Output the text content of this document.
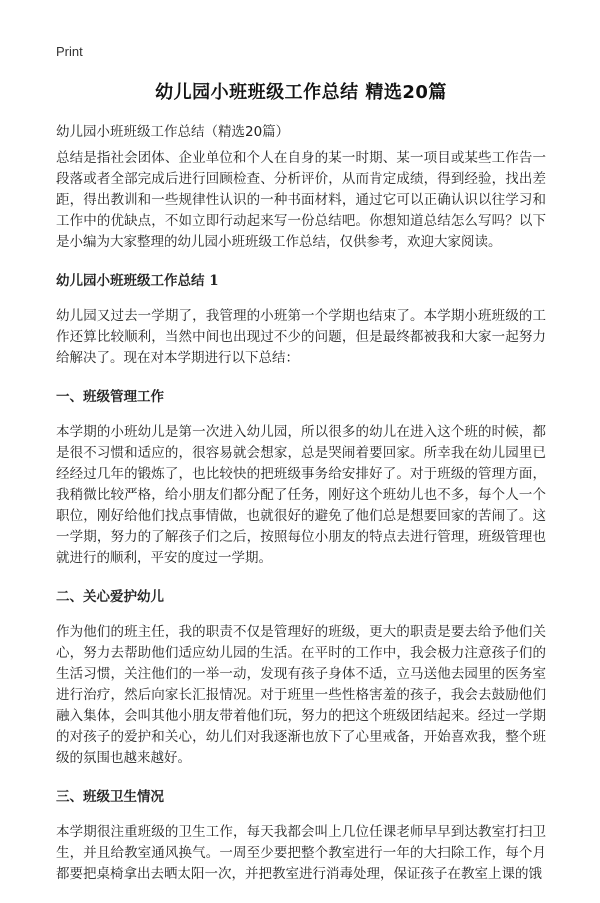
Print
幼儿园小班班级工作总结 精选20篇

幼儿园小班班级工作总结（精选20篇）

总结是指社会团体、企业单位和个人在自身的某一时期、某一项目或某些工作告一段落或者全部完成后进行回顾检查、分析评价，从而肯定成绩，得到经验，找出差距，得出教训和一些规律性认识的一种书面材料，通过它可以正确认识以往学习和工作中的优缺点，不如立即行动起来写一份总结吧。你想知道总结怎么写吗？以下是小编为大家整理的幼儿园小班班级工作总结，仅供参考，欢迎大家阅读。

幼儿园小班班级工作总结 1

幼儿园又过去一学期了，我管理的小班第一个学期也结束了。本学期小班班级的工作还算比较顺利，当然中间也出现过不少的问题，但是最终都被我和大家一起努力给解决了。现在对本学期进行以下总结：

一、班级管理工作

本学期的小班幼儿是第一次进入幼儿园，所以很多的幼儿在进入这个班的时候，都是很不习惯和适应的，很容易就会想家，总是哭闹着要回家。所幸我在幼儿园里已经经过几年的锻炼了，也比较快的把班级事务给安排好了。对于班级的管理方面，我稍微比较严格，给小朋友们都分配了任务，刚好这个班幼儿也不多，每个人一个职位，刚好给他们找点事情做，也就很好的避免了他们总是想要回家的苦闹了。这一学期，努力的了解孩子们之后，按照每位小朋友的特点去进行管理，班级管理也就进行的顺利，平安的度过一学期。

二、关心爱护幼儿

作为他们的班主任，我的职责不仅是管理好的班级，更大的职责是要去给予他们关心，努力去帮助他们适应幼儿园的生活。在平时的工作中，我会极力注意孩子们的生活习惯，关注他们的一举一动，发现有孩子身体不适，立马送他去园里的医务室进行治疗，然后向家长汇报情况。对于班里一些性格害羞的孩子，我会去鼓励他们融入集体，会叫其他小朋友带着他们玩，努力的把这个班级团结起来。经过一学期的对孩子的爱护和关心，幼儿们对我逐渐也放下了心里戒备，开始喜欢我，整个班级的氛围也越来越好。

三、班级卫生情况

本学期很注重班级的卫生工作，每天我都会叫上几位任课老师早早到达教室打扫卫生，并且给教室通风换气。一周至少要把整个教室进行一年的大扫除工作，每个月都要把桌椅拿出去晒太阳一次，并把教室进行消毒处理，保证孩子在教室上课的饿
